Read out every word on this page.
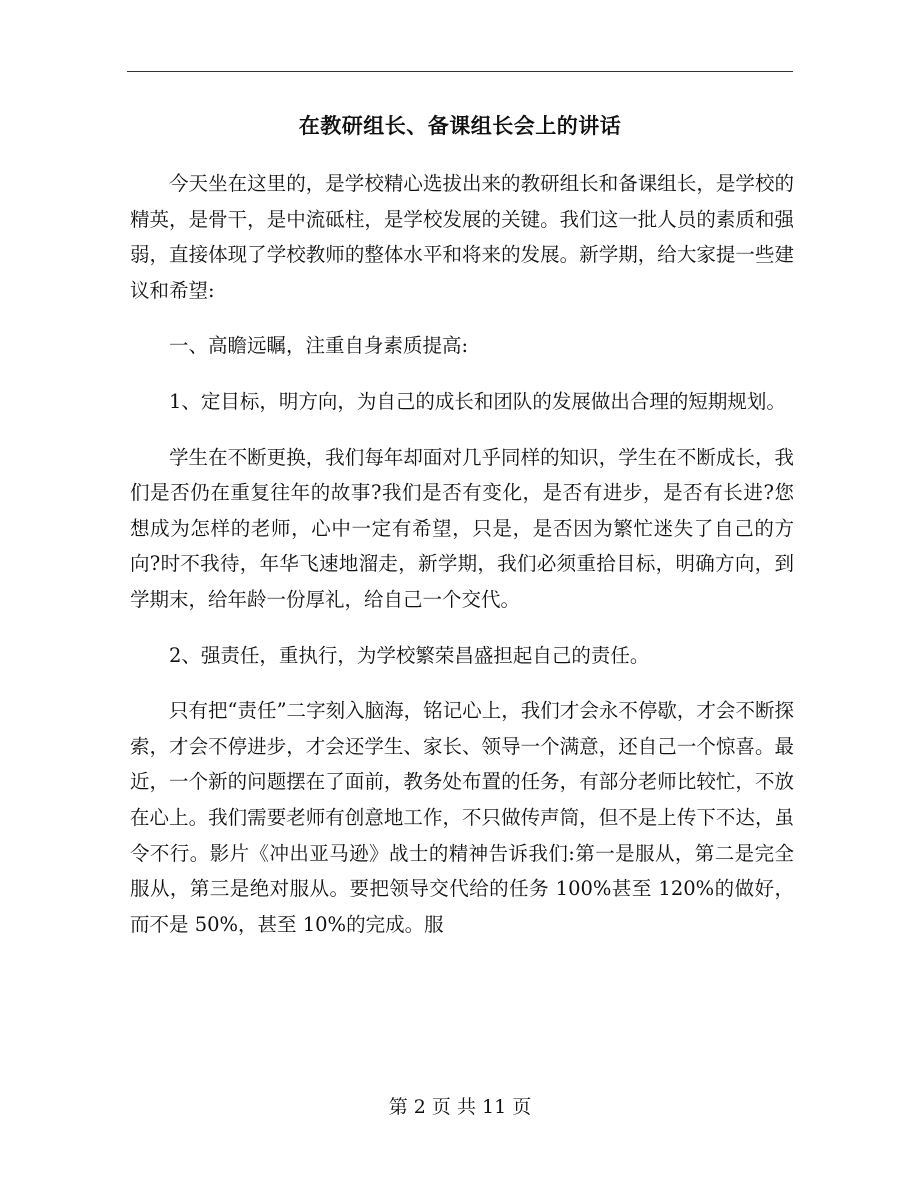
在教研组长、备课组长会上的讲话

今天坐在这里的，是学校精心选拔出来的教研组长和备课组长，是学校的精英，是骨干，是中流砥柱，是学校发展的关键。我们这一批人员的素质和强弱，直接体现了学校教师的整体水平和将来的发展。新学期，给大家提一些建议和希望:

一、高瞻远瞩，注重自身素质提高:

1、定目标，明方向，为自己的成长和团队的发展做出合理的短期规划。

学生在不断更换，我们每年却面对几乎同样的知识，学生在不断成长，我们是否仍在重复往年的故事?我们是否有变化，是否有进步，是否有长进?您想成为怎样的老师，心中一定有希望，只是，是否因为繁忙迷失了自己的方向?时不我待，年华飞速地溜走，新学期，我们必须重拾目标，明确方向，到学期末，给年龄一份厚礼，给自己一个交代。

2、强责任，重执行，为学校繁荣昌盛担起自己的责任。

只有把“责任”二字刻入脑海，铭记心上，我们才会永不停歇，才会不断探索，才会不停进步，才会还学生、家长、领导一个满意，还自己一个惊喜。最近，一个新的问题摆在了面前，教务处布置的任务，有部分老师比较忙，不放在心上。我们需要老师有创意地工作，不只做传声筒，但不是上传下不达，虽令不行。影片《冲出亚马逊》战士的精神告诉我们:第一是服从，第二是完全服从，第三是绝对服从。要把领导交代给的任务 100%甚至 120%的做好，而不是 50%，甚至 10%的完成。服

第 2 页 共 11 页
